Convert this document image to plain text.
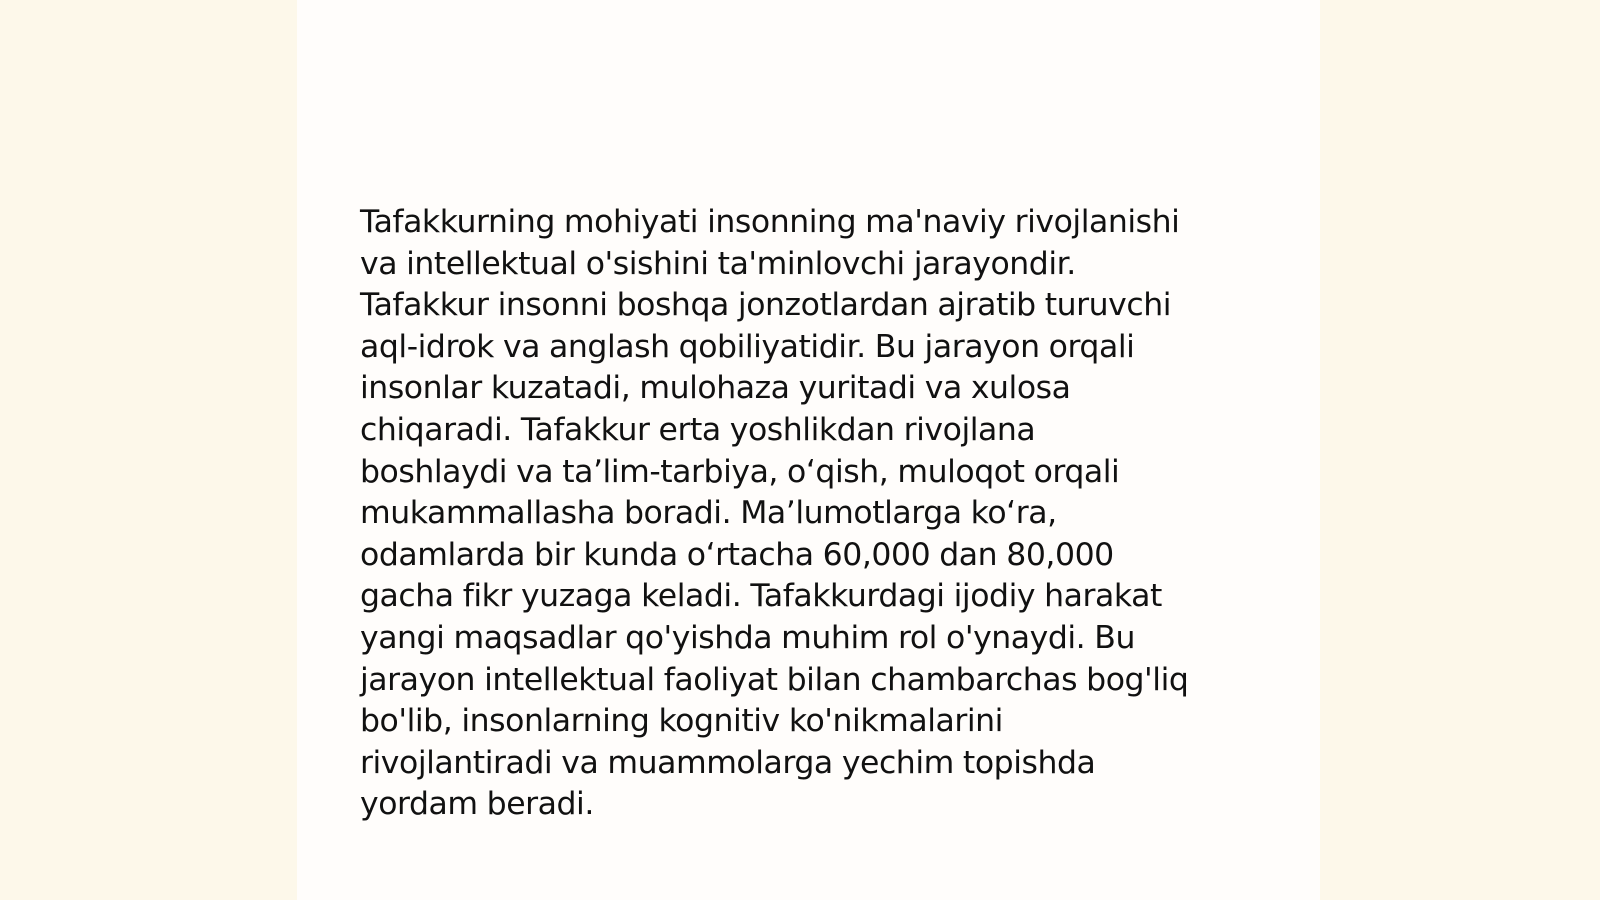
Tafakkurning mohiyati insonning ma'naviy rivojlanishi
va intellektual o'sishini ta'minlovchi jarayondir.
Tafakkur insonni boshqa jonzotlardan ajratib turuvchi
aql-idrok va anglash qobiliyatidir. Bu jarayon orqali
insonlar kuzatadi, mulohaza yuritadi va xulosa
chiqaradi. Tafakkur erta yoshlikdan rivojlana
boshlaydi va ta’lim-tarbiya, o‘qish, muloqot orqali
mukammallasha boradi. Ma’lumotlarga ko‘ra,
odamlarda bir kunda o‘rtacha 60,000 dan 80,000
gacha fikr yuzaga keladi. Tafakkurdagi ijodiy harakat
yangi maqsadlar qo'yishda muhim rol o'ynaydi. Bu
jarayon intellektual faoliyat bilan chambarchas bog'liq
bo'lib, insonlarning kognitiv ko'nikmalarini
rivojlantiradi va muammolarga yechim topishda
yordam beradi.
